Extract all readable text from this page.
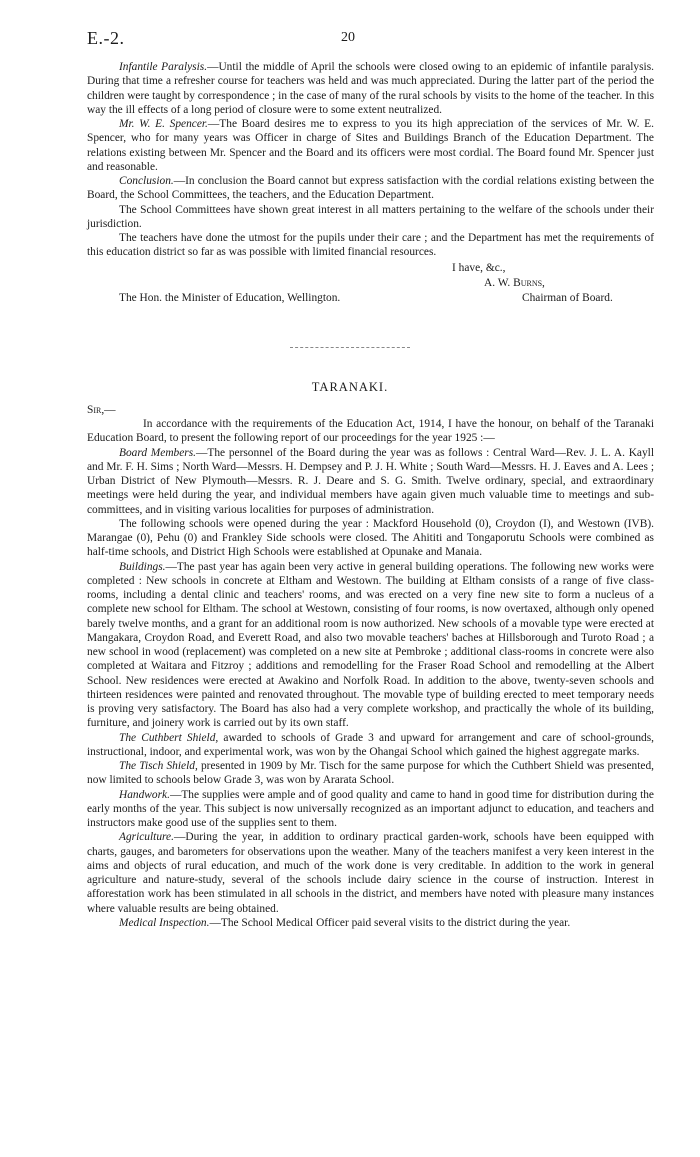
E.-2.	20

Infantile Paralysis.—Until the middle of April the schools were closed owing to an epidemic of infantile paralysis. During that time a refresher course for teachers was held and was much appreciated. During the latter part of the period the children were taught by correspondence ; in the case of many of the rural schools by visits to the home of the teacher. In this way the ill effects of a long period of closure were to some extent neutralized.

Mr. W. E. Spencer.—The Board desires me to express to you its high appreciation of the services of Mr. W. E. Spencer, who for many years was Officer in charge of Sites and Buildings Branch of the Education Department. The relations existing between Mr. Spencer and the Board and its officers were most cordial. The Board found Mr. Spencer just and reasonable.

Conclusion.—In conclusion the Board cannot but express satisfaction with the cordial relations existing between the Board, the School Committees, the teachers, and the Education Department.

The School Committees have shown great interest in all matters pertaining to the welfare of the schools under their jurisdiction.

The teachers have done the utmost for the pupils under their care ; and the Department has met the requirements of this education district so far as was possible with limited financial resources.

I have, &c.,
A. W. Burns,
The Hon. the Minister of Education, Wellington.	Chairman of Board.
TARANAKI.
Sir,—

In accordance with the requirements of the Education Act, 1914, I have the honour, on behalf of the Taranaki Education Board, to present the following report of our proceedings for the year 1925 :—

Board Members.—The personnel of the Board during the year was as follows : Central Ward—Rev. J. L. A. Kayll and Mr. F. H. Sims ; North Ward—Messrs. H. Dempsey and P. J. H. White ; South Ward—Messrs. H. J. Eaves and A. Lees ; Urban District of New Plymouth—Messrs. R. J. Deare and S. G. Smith. Twelve ordinary, special, and extraordinary meetings were held during the year, and individual members have again given much valuable time to meetings and sub-committees, and in visiting various localities for purposes of administration.

The following schools were opened during the year : Mackford Household (0), Croydon (I), and Westown (IVB). Marangae (0), Pehu (0) and Frankley Side schools were closed. The Ahititi and Tongaporutu Schools were combined as half-time schools, and District High Schools were established at Opunake and Manaia.

Buildings.—The past year has again been very active in general building operations. The following new works were completed : New schools in concrete at Eltham and Westown. The building at Eltham consists of a range of five class-rooms, including a dental clinic and teachers' rooms, and was erected on a very fine new site to form a nucleus of a complete new school for Eltham. The school at Westown, consisting of four rooms, is now overtaxed, although only opened barely twelve months, and a grant for an additional room is now authorized. New schools of a movable type were erected at Mangakara, Croydon Road, and Everett Road, and also two movable teachers' baches at Hillsborough and Turoto Road ; a new school in wood (replacement) was completed on a new site at Pembroke ; additional class-rooms in concrete were also completed at Waitara and Fitzroy ; additions and remodelling for the Fraser Road School and remodelling at the Albert School. New residences were erected at Awakino and Norfolk Road. In addition to the above, twenty-seven schools and thirteen residences were painted and renovated throughout. The movable type of building erected to meet temporary needs is proving very satisfactory. The Board has also had a very complete workshop, and practically the whole of its building, furniture, and joinery work is carried out by its own staff.

The Cuthbert Shield, awarded to schools of Grade 3 and upward for arrangement and care of school-grounds, instructional, indoor, and experimental work, was won by the Ohangai School which gained the highest aggregate marks.

The Tisch Shield, presented in 1909 by Mr. Tisch for the same purpose for which the Cuthbert Shield was presented, now limited to schools below Grade 3, was won by Ararata School.

Handwork.—The supplies were ample and of good quality and came to hand in good time for distribution during the early months of the year. This subject is now universally recognized as an important adjunct to education, and teachers and instructors make good use of the supplies sent to them.

Agriculture.—During the year, in addition to ordinary practical garden-work, schools have been equipped with charts, gauges, and barometers for observations upon the weather. Many of the teachers manifest a very keen interest in the aims and objects of rural education, and much of the work done is very creditable. In addition to the work in general agriculture and nature-study, several of the schools include dairy science in the course of instruction. Interest in afforestation work has been stimulated in all schools in the district, and members have noted with pleasure many instances where valuable results are being obtained.

Medical Inspection.—The School Medical Officer paid several visits to the district during the year.
